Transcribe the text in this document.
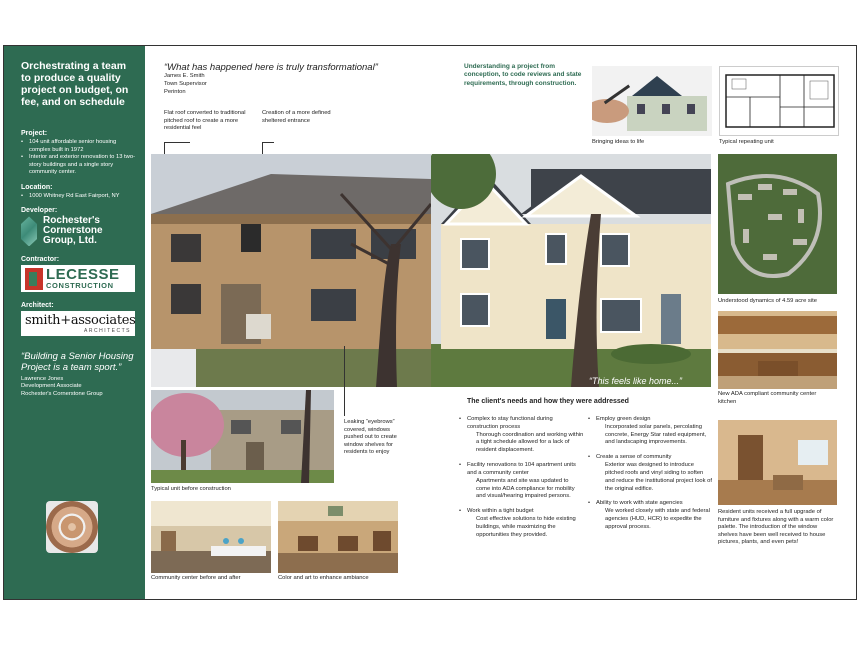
Orchestrating a team to produce a quality project on budget, on fee, and on schedule
Project:
• 104 unit affordable senior housing complex built in 1972
• Interior and exterior renovation to 13 two-story buildings and a single story community center.
Location:
• 1000 Whitney Rd East Fairport, NY
Developer:
Rochester's Cornerstone Group, Ltd.
Contractor:
LECESSE
CONSTRUCTION
Architect:
smith+associates
ARCHITECTS
“Building a Senior Housing Project is a team sport.”
Lawrence Jones
Development Associate
Rochester's Cornerstone Group
“What has happened here is truly transformational”
James E. Smith
Town Supervisor
Perinton
Understanding a project from conception, to code reviews and state requirements, through construction.
Flat roof converted to traditional pitched roof to create a more residential feel
Creation of a more defined sheltered entrance
“This feels like home...”
Bringing ideas to life	Typical repeating unit
Understood dynamics of 4.59 acre site
New ADA compliant community center kitchen
Resident units received a full upgrade of furniture and fixtures along with a warm color palette. The introduction of the window shelves have been well received to house pictures, plants, and even pets!
Typical unit before construction
Leaking “eyebrows” covered, windows pushed out to create window shelves for residents to enjoy
Community center before and after	Color and art to enhance ambiance
The client's needs and how they were addressed
• Complex to stay functional during construction process
Thorough coordination and working within a tight schedule allowed for a lack of resident displacement.
• Facility renovations to 104 apartment units and a community center
Apartments and site was updated to come into ADA compliance for mobility and visual/hearing impaired persons.
• Work within a tight budget
Cost effective solutions to hide existing buildings, while maximizing the opportunities they provided.
• Employ green design
Incorporated solar panels, percolating concrete, Energy Star rated equipment, and landscaping improvements.
• Create a sense of community
Exterior was designed to introduce pitched roofs and vinyl siding to soften and reduce the institutional project look of the original edifice.
• Ability to work with state agencies
We worked closely with state and federal agencies (HUD, HCR) to expedite the approval process.
